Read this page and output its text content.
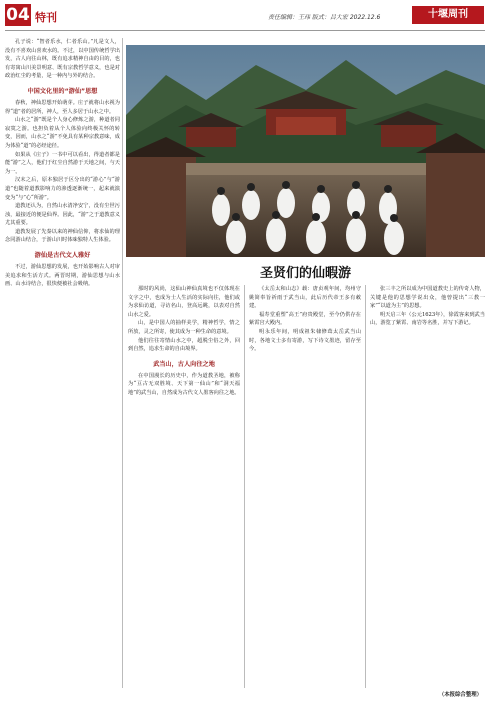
04 特刊	责任编辑：王玮 版式：吕大宏 2022.12.6	十堰周刊

孔子说：“智者乐水，仁者乐山。”凡是文人，没有不喜欢山喜欢水的。不过，以中国传统哲学出发，古人向往山林，既有追求精神自由的目的，也有寄寓山川美景明意、既有宗教哲学意义，也是对政治红尘的考量，是一种内与外的结合。

中国文化里的“游仙”思想

春秋，神仙思想开始萌芽。庄子就将山水视为得“道”者的居所，神人，至人多居于山水之中。

山水之“游”既是个人身心修炼之游，种道者同寂寞之游。也担负着从个人体验向终极关怀的转变，因而，山水之“游”不免具有某种宗教意味，成为体验“道”的必经途径。

如果从《庄子》一书中可以看出，得道者都是能“游”之人，他们于红尘自然游于天地之间，与天为一。

汉末之后，原本独居于区分出的“游心”与“游道”也随着道教影响力的渗透逐渐统一，起来就演变为“与”心“所游”。

道教还认为，自然山水清净安宁，没有尘世污浊，最接近的便是仙界。因此，“游”之于道教意义尤其重要。

道教发展了先秦以来的神仙信仰，将求仙的理念同游山结合，于游山川时体味独特人生体验。

游仙是古代文人雅好

不过，游仙思想的发展，也开始影响古人对审美追求和生活方式。两晋时期，游仙思想与山水画、山水诗结合，很快便被社会吸纳。

圣贤们的仙暇游

那时的风尚，这仙山神仙真境也不仅体现在文字之中，也成为士人生活的实际向往，他们或为求仙访道，寻访名山，登高远眺，以表对自然山水之爱。

山，是中国人的抽样美学，精神哲学，情之所放，灵之所寄，使其成为一种生命的意境。

他们往往寄情山水之中，超脱尘俗之外，回到自然，追求生命的自由境界。

武当山，古人向往之地

在中国漫长的历史中，作为道教圣地，被称为“亘古无双胜境、天下第一仙山”和“洞天福地”的武当山，自然成为古代文人墨客向往之地。

《太岳太和山志》载：唐贞观年间，均州守姚简奉旨祈雨于武当山，此后历代帝王多有敕建。

福寿堂重塑“高王”府贵殿堂，至今仍供存在紫霄宫大殿内。

明永乐年间，明成祖朱棣修葺太岳武当山时，各地文士多有寄游，写下诗文墨迹，留存至今。

张三丰之所以成为中国道教史上的传奇人物，关键是他的思想学说出众，他曾提出“三教一家”“以道为主”的思想。

明天启三年（公元1623年），徐霞客来到武当山，游览了紫霄、南岩等名胜，并写下游记。

（本报综合整理）
